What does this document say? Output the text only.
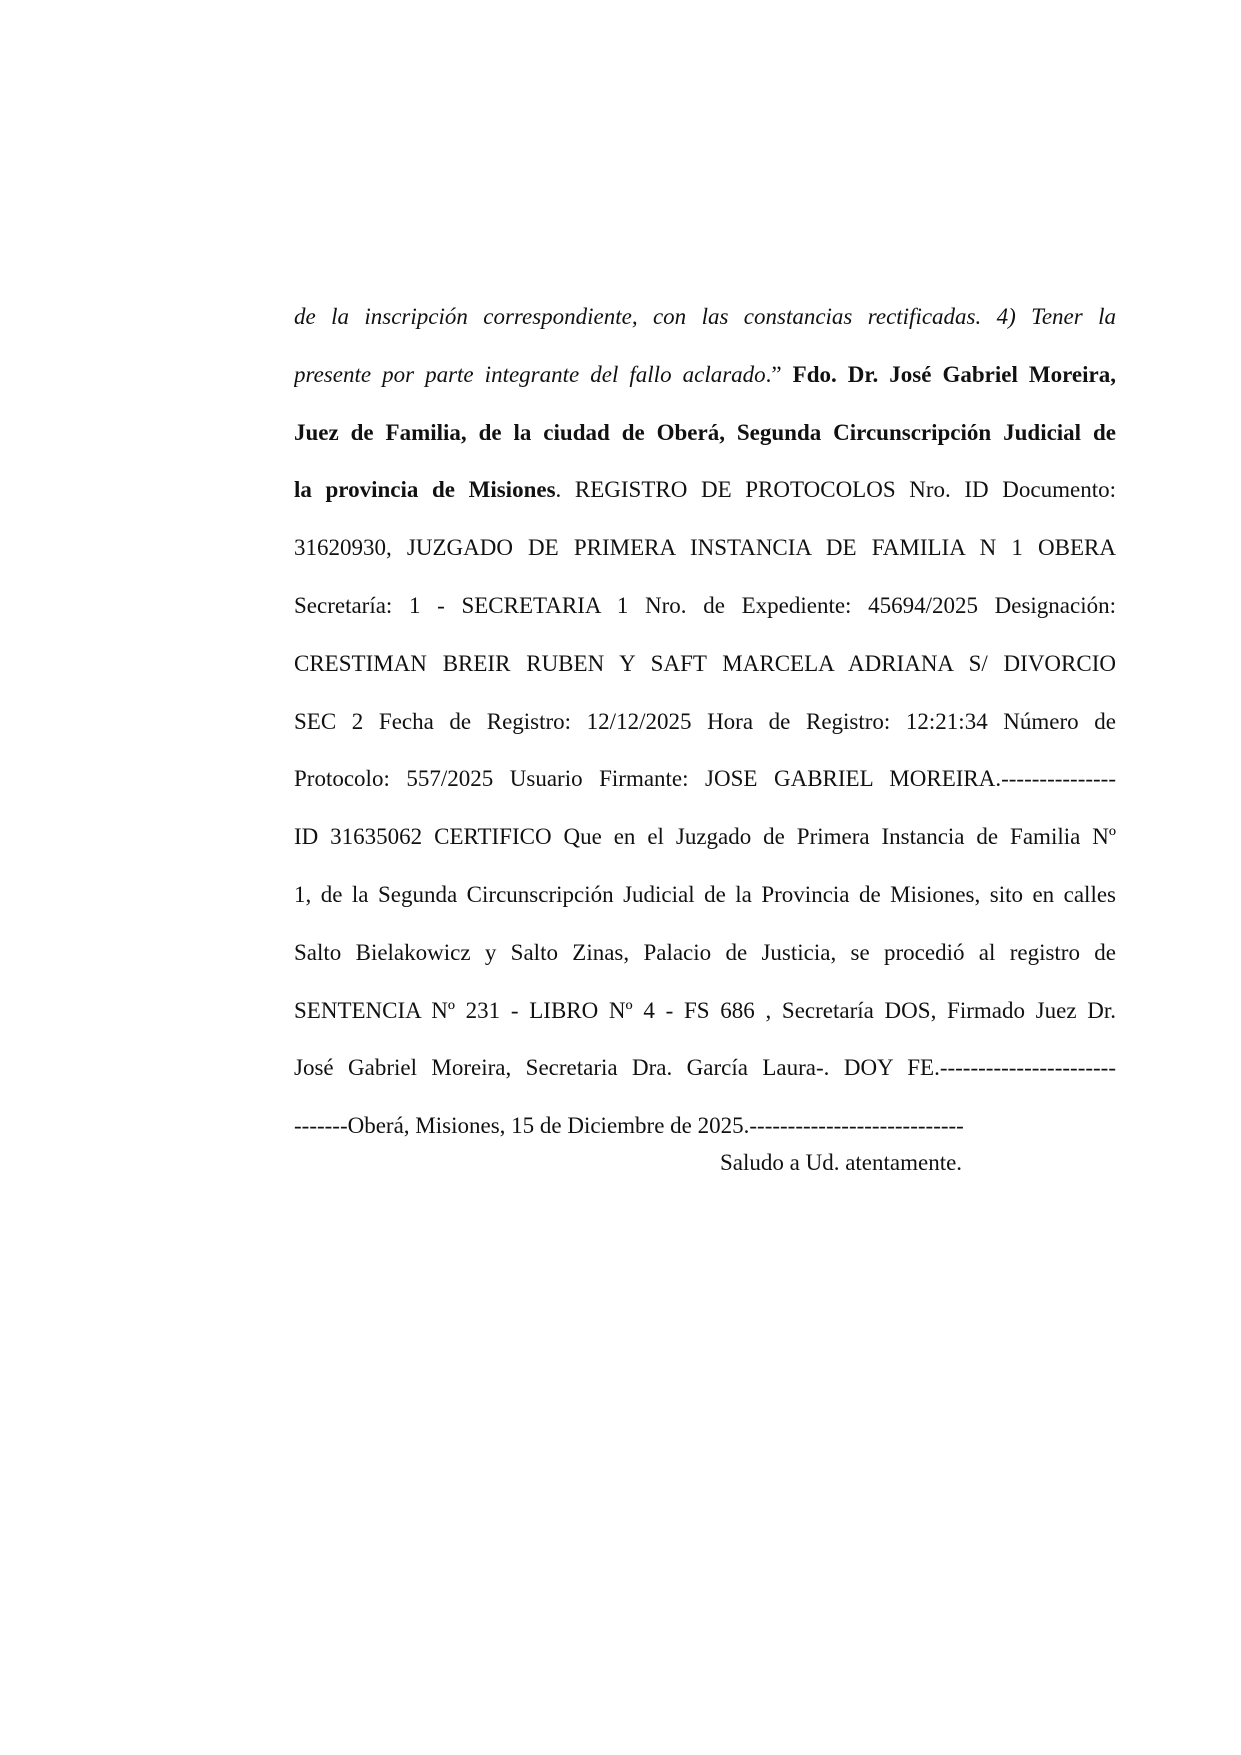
de la inscripción correspondiente, con las constancias rectificadas. 4) Tener la
presente por parte integrante del fallo aclarado.” Fdo. Dr. José Gabriel Moreira,
Juez de Familia, de la ciudad de Oberá, Segunda Circunscripción Judicial de
la provincia de Misiones. REGISTRO DE PROTOCOLOS Nro. ID Documento:
31620930, JUZGADO DE PRIMERA INSTANCIA DE FAMILIA N 1 OBERA
Secretaría: 1 - SECRETARIA 1 Nro. de Expediente: 45694/2025 Designación:
CRESTIMAN BREIR RUBEN Y SAFT MARCELA ADRIANA S/ DIVORCIO
SEC 2 Fecha de Registro: 12/12/2025 Hora de Registro: 12:21:34 Número de
Protocolo: 557/2025 Usuario Firmante: JOSE GABRIEL MOREIRA.---------------
ID 31635062 CERTIFICO Que en el Juzgado de Primera Instancia de Familia Nº
1, de la Segunda Circunscripción Judicial de la Provincia de Misiones, sito en calles
Salto Bielakowicz y Salto Zinas, Palacio de Justicia, se procedió al registro de
SENTENCIA Nº 231 - LIBRO Nº 4 - FS 686 , Secretaría DOS, Firmado Juez Dr.
José Gabriel Moreira, Secretaria Dra. García Laura-. DOY FE.-----------------------
-------Oberá, Misiones, 15 de Diciembre de 2025.----------------------------

Saludo a Ud. atentamente.
